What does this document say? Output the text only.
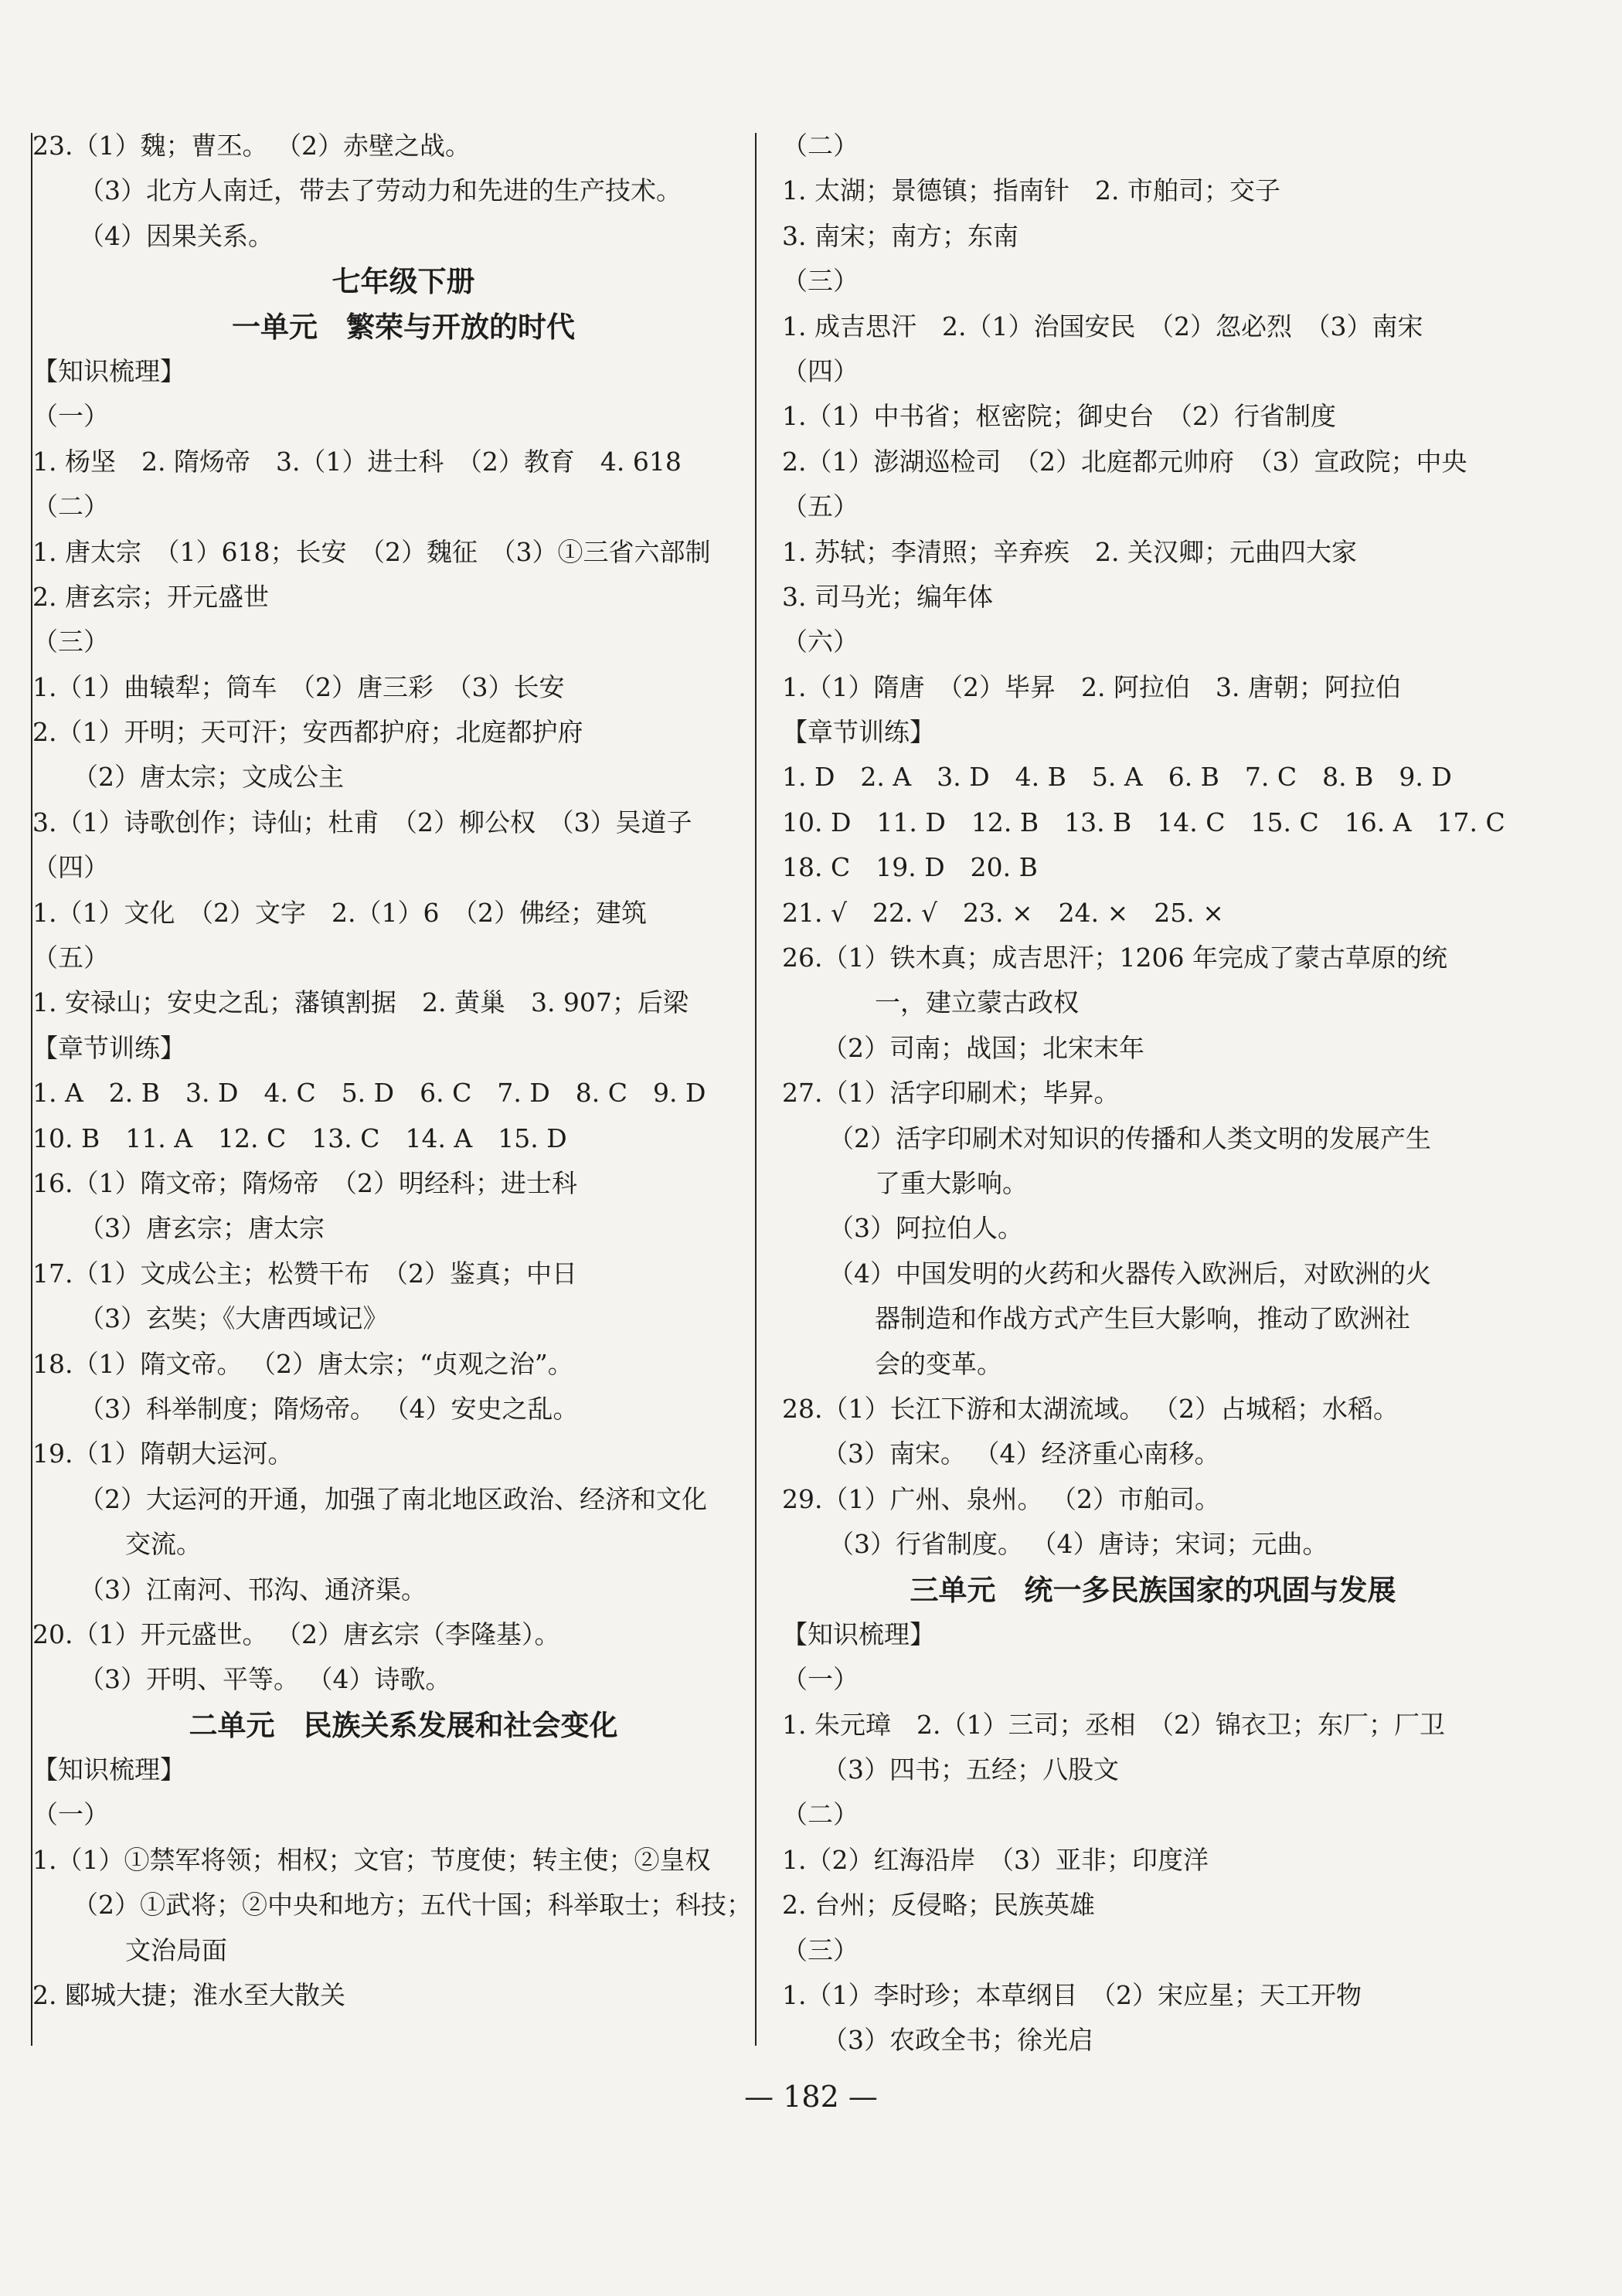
23.（1）魏；曹丕。 （2）赤壁之战。
（3）北方人南迁，带去了劳动力和先进的生产技术。
（4）因果关系。
七年级下册
一单元　繁荣与开放的时代
【知识梳理】
（一）
1. 杨坚　2. 隋炀帝　3.（1）进士科　（2）教育　4. 618
（二）
1. 唐太宗　（1）618；长安　（2）魏征　（3）①三省六部制
2. 唐玄宗；开元盛世
（三）
1.（1）曲辕犁；筒车　（2）唐三彩　（3）长安
2.（1）开明；天可汗；安西都护府；北庭都护府
（2）唐太宗；文成公主
3.（1）诗歌创作；诗仙；杜甫　（2）柳公权　（3）吴道子
（四）
1.（1）文化　（2）文字　2.（1）6　（2）佛经；建筑
（五）
1. 安禄山；安史之乱；藩镇割据　2. 黄巢　3. 907；后梁
【章节训练】
1. A　2. B　3. D　4. C　5. D　6. C　7. D　8. C　9. D
10. B　11. A　12. C　13. C　14. A　15. D
16.（1）隋文帝；隋炀帝　（2）明经科；进士科
（3）唐玄宗；唐太宗
17.（1）文成公主；松赞干布　（2）鉴真；中日
（3）玄奘；《大唐西域记》
18.（1）隋文帝。 （2）唐太宗；“贞观之治”。
（3）科举制度；隋炀帝。 （4）安史之乱。
19.（1）隋朝大运河。
（2）大运河的开通，加强了南北地区政治、经济和文化
交流。
（3）江南河、邗沟、通济渠。
20.（1）开元盛世。 （2）唐玄宗（李隆基）。
（3）开明、平等。 （4）诗歌。
二单元　民族关系发展和社会变化
【知识梳理】
（一）
1.（1）①禁军将领；相权；文官；节度使；转主使；②皇权
（2）①武将；②中央和地方；五代十国；科举取士；科技；
文治局面
2. 郾城大捷；淮水至大散关
（二）
1. 太湖；景德镇；指南针　2. 市舶司；交子
3. 南宋；南方；东南
（三）
1. 成吉思汗　2.（1）治国安民　（2）忽必烈　（3）南宋
（四）
1.（1）中书省；枢密院；御史台　（2）行省制度
2.（1）澎湖巡检司　（2）北庭都元帅府　（3）宣政院；中央
（五）
1. 苏轼；李清照；辛弃疾　2. 关汉卿；元曲四大家
3. 司马光；编年体
（六）
1.（1）隋唐　（2）毕昇　2. 阿拉伯　3. 唐朝；阿拉伯
【章节训练】
1. D　2. A　3. D　4. B　5. A　6. B　7. C　8. B　9. D
10. D　11. D　12. B　13. B　14. C　15. C　16. A　17. C
18. C　19. D　20. B
21. √　22. √　23. ×　24. ×　25. ×
26.（1）铁木真；成吉思汗；1206 年完成了蒙古草原的统
一，建立蒙古政权
（2）司南；战国；北宋末年
27.（1）活字印刷术；毕昇。
（2）活字印刷术对知识的传播和人类文明的发展产生
了重大影响。
（3）阿拉伯人。
（4）中国发明的火药和火器传入欧洲后，对欧洲的火
器制造和作战方式产生巨大影响，推动了欧洲社
会的变革。
28.（1）长江下游和太湖流域。 （2）占城稻；水稻。
（3）南宋。 （4）经济重心南移。
29.（1）广州、泉州。 （2）市舶司。
（3）行省制度。 （4）唐诗；宋词；元曲。
三单元　统一多民族国家的巩固与发展
【知识梳理】
（一）
1. 朱元璋　2.（1）三司；丞相　（2）锦衣卫；东厂；厂卫
（3）四书；五经；八股文
（二）
1.（2）红海沿岸　（3）亚非；印度洋
2. 台州；反侵略；民族英雄
（三）
1.（1）李时珍；本草纲目　（2）宋应星；天工开物
（3）农政全书；徐光启
— 182 —
